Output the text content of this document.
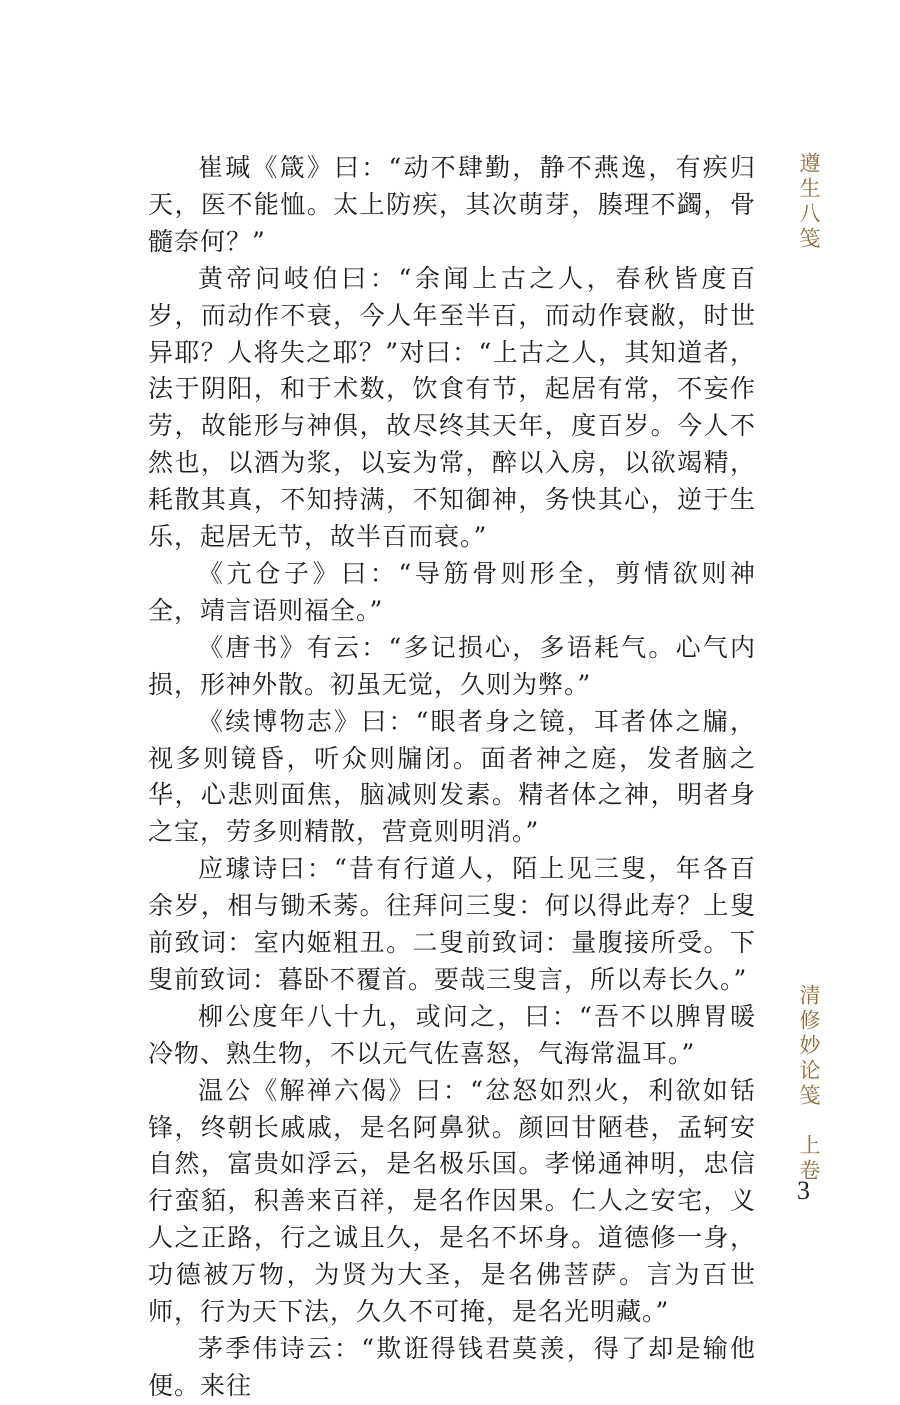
崔瑊《箴》曰：“动不肆勤，静不燕逸，有疾归天，医不能恤。太上防疾，其次萌芽，腠理不蠲，骨髓奈何？”

黄帝问岐伯曰：“余闻上古之人，春秋皆度百岁，而动作不衰，今人年至半百，而动作衰敝，时世异耶？人将失之耶？”对曰：“上古之人，其知道者，法于阴阳，和于术数，饮食有节，起居有常，不妄作劳，故能形与神俱，故尽终其天年，度百岁。今人不然也，以酒为浆，以妄为常，醉以入房，以欲竭精，耗散其真，不知持满，不知御神，务快其心，逆于生乐，起居无节，故半百而衰。”

《亢仓子》曰：“导筋骨则形全，剪情欲则神全，靖言语则福全。”

《唐书》有云：“多记损心，多语耗气。心气内损，形神外散。初虽无觉，久则为弊。”

《续博物志》曰：“眼者身之镜，耳者体之牖，视多则镜昏，听众则牖闭。面者神之庭，发者脑之华，心悲则面焦，脑减则发素。精者体之神，明者身之宝，劳多则精散，营竟则明消。”

应璩诗曰：“昔有行道人，陌上见三叟，年各百余岁，相与锄禾莠。往拜问三叟：何以得此寿？上叟前致词：室内姬粗丑。二叟前致词：量腹接所受。下叟前致词：暮卧不覆首。要哉三叟言，所以寿长久。”

柳公度年八十九，或问之，曰：“吾不以脾胃暖冷物、熟生物，不以元气佐喜怒，气海常温耳。”

温公《解禅六偈》曰：“忿怒如烈火，利欲如铦锋，终朝长戚戚，是名阿鼻狱。颜回甘陋巷，孟轲安自然，富贵如浮云，是名极乐国。孝悌通神明，忠信行蛮貊，积善来百祥，是名作因果。仁人之安宅，义人之正路，行之诚且久，是名不坏身。道德修一身，功德被万物，为贤为大圣，是名佛菩萨。言为百世师，行为天下法，久久不可掩，是名光明藏。”

茅季伟诗云：“欺诳得钱君莫羡，得了却是输他便。来往

遵生八笺
清修妙论笺　上卷
3
